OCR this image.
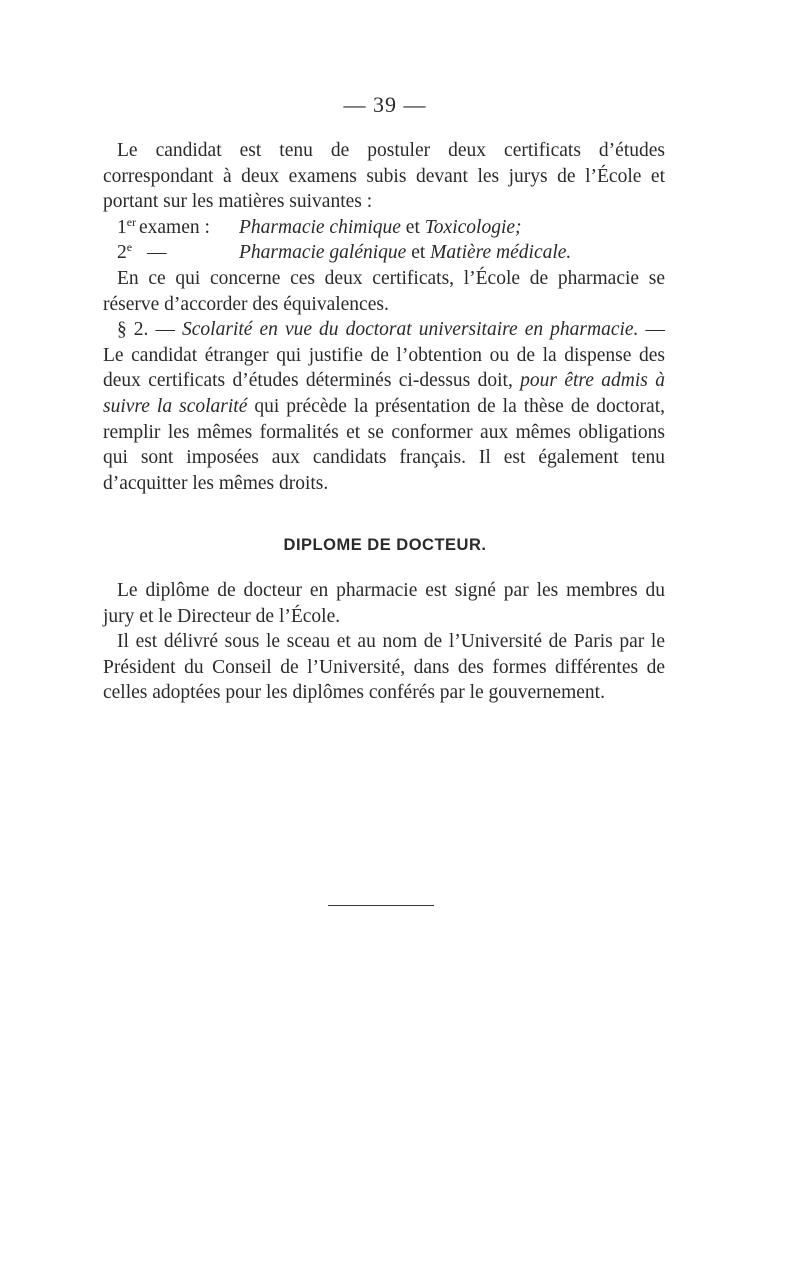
— 39 —

Le candidat est tenu de postuler deux certificats d’études correspondant à deux examens subis devant les jurys de l’École et portant sur les matières suivantes :

1er examen : Pharmacie chimique et Toxicologie;

2e —	Pharmacie galénique et Matière médicale.

En ce qui concerne ces deux certificats, l’École de pharmacie se réserve d’accorder des équivalences.

§ 2. — Scolarité en vue du doctorat universitaire en pharmacie. — Le candidat étranger qui justifie de l’obtention ou de la dispense des deux certificats d’études déterminés ci-dessus doit, pour être admis à suivre la scolarité qui précède la présentation de la thèse de doctorat, remplir les mêmes formalités et se conformer aux mêmes obligations qui sont imposées aux candidats français. Il est également tenu d’acquitter les mêmes droits.

DIPLOME DE DOCTEUR.

Le diplôme de docteur en pharmacie est signé par les membres du jury et le Directeur de l’École.

Il est délivré sous le sceau et au nom de l’Université de Paris par le Président du Conseil de l’Université, dans des formes différentes de celles adoptées pour les diplômes conférés par le gouvernement.
